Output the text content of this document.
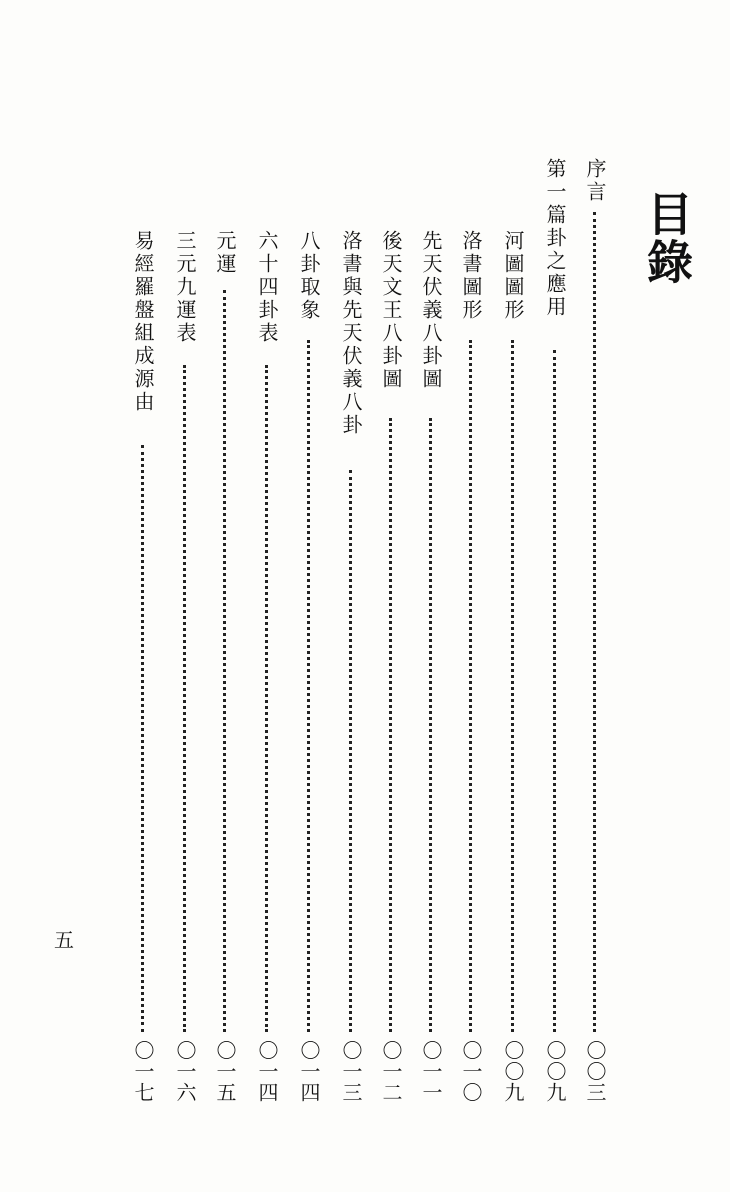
目錄
序言
〇〇三
第一篇卦之應用
〇〇九
河圖圖形
〇〇九
洛書圖形
〇一〇
先天伏義八卦圖
〇一一
後天文王八卦圖
〇一二
洛書與先天伏義八卦
〇一三
八卦取象
〇一四
六十四卦表
〇一四
元運
〇一五
三元九運表
〇一六
易經羅盤組成源由
〇一七
五
